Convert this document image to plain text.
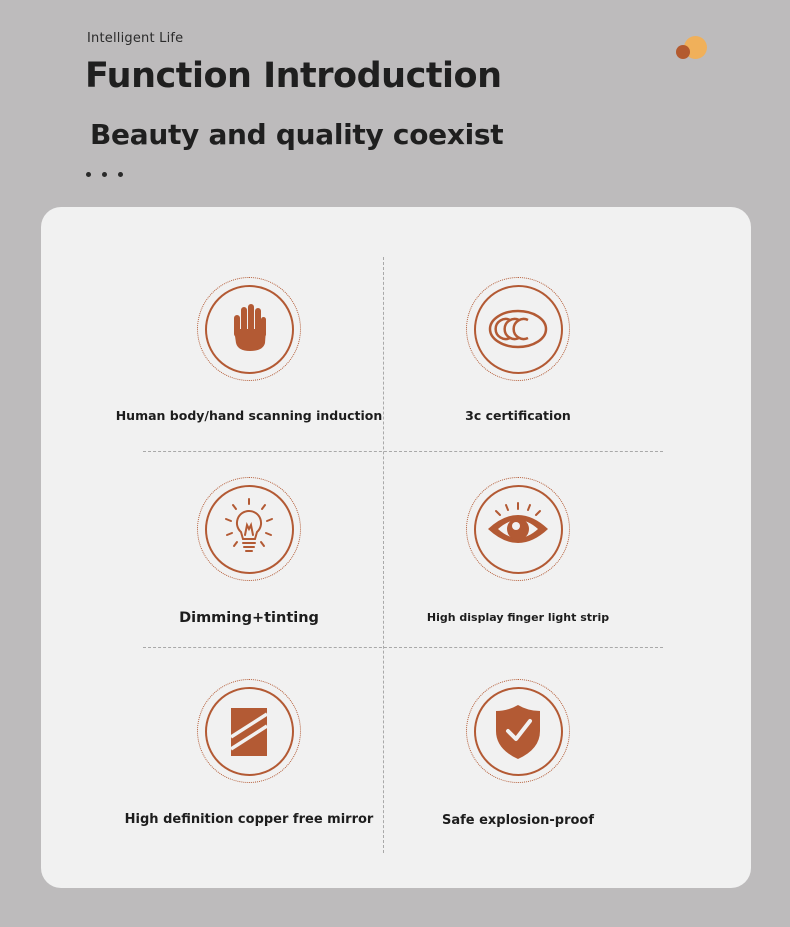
Intelligent Life
Function Introduction
Beauty and quality coexist
Human body/hand scanning induction	3c certification
Dimming+tinting	High display finger light strip
High definition copper free mirror	Safe explosion-proof
